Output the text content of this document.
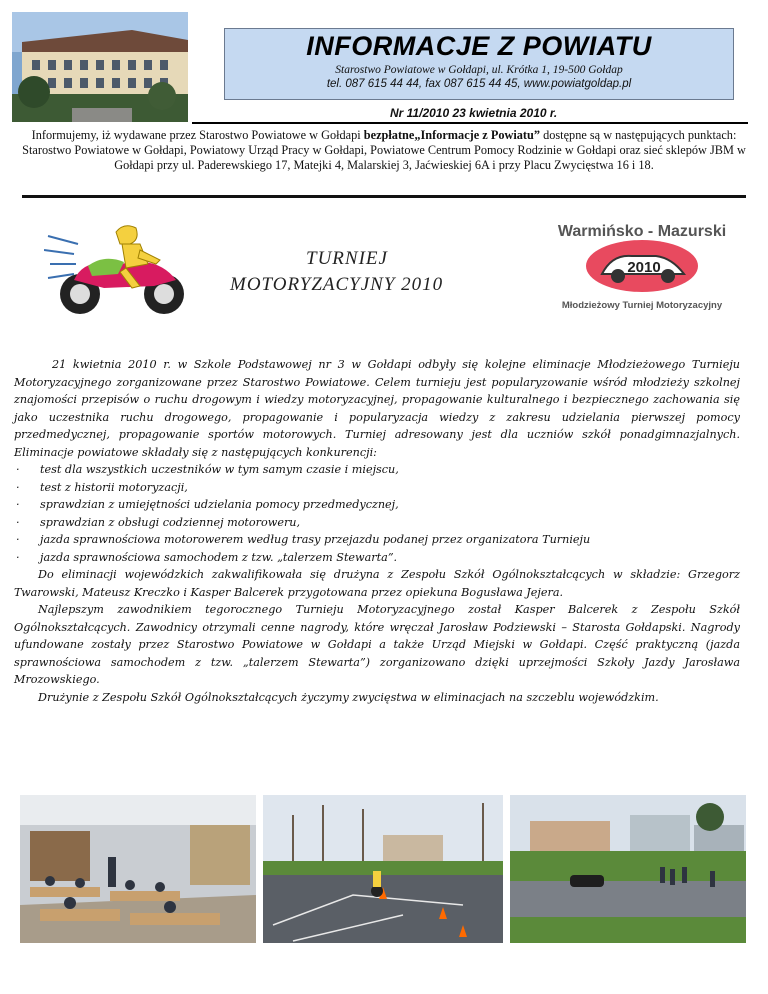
INFORMACJE Z POWIATU
Starostwo Powiatowe w Gołdapi, ul. Krótka 1, 19-500 Gołdap
tel. 087 615 44 44, fax 087 615 44 45, www.powiatgoldap.pl
Nr 11/2010 23 kwietnia 2010 r.
Informujemy, iż wydawane przez Starostwo Powiatowe w Gołdapi bezpłatne„Informacje z Powiatu” dostępne są w następujących punktach: Starostwo Powiatowe w Gołdapi, Powiatowy Urząd Pracy w Gołdapi, Powiatowe Centrum Pomocy Rodzinie w Gołdapi oraz sieć sklepów JBM w Gołdapi przy ul. Paderewskiego 17, Matejki 4, Malarskiej 3, Jaćwieskiej 6A i przy Placu Zwycięstwa 16 i 18.
TURNIEJ
MOTORYZACYJNY 2010
Warmińsko - Mazurski
2010
Młodzieżowy Turniej Motoryzacyjny

21 kwietnia 2010 r. w Szkole Podstawowej nr 3 w Gołdapi odbyły się kolejne eliminacje Młodzieżowego Turnieju Motoryzacyjnego zorganizowane przez Starostwo Powiatowe. Celem turnieju jest popularyzowanie wśród młodzieży szkolnej znajomości przepisów o ruchu drogowym i wiedzy motoryzacyjnej, propagowanie kulturalnego i bezpiecznego zachowania się jako uczestnika ruchu drogowego, propagowanie i popularyzacja wiedzy z zakresu udzielania pierwszej pomocy przedmedycznej, propagowanie sportów motorowych. Turniej adresowany jest dla uczniów szkół ponadgimnazjalnych. Eliminacje powiatowe składały się z następujących konkurencji:

· test dla wszystkich uczestników w tym samym czasie i miejscu,
· test z historii motoryzacji,
· sprawdzian z umiejętności udzielania pomocy przedmedycznej,
· sprawdzian z obsługi codziennej motoroweru,
· jazda sprawnościowa motorowerem według trasy przejazdu podanej przez organizatora Turnieju
· jazda sprawnościowa samochodem z tzw. „talerzem Stewarta”.

Do eliminacji wojewódzkich zakwalifikowała się drużyna z Zespołu Szkół Ogólnokształcących w składzie: Grzegorz Twarowski, Mateusz Kreczko i Kasper Balcerek przygotowana przez opiekuna Bogusława Jejera.

Najlepszym zawodnikiem tegorocznego Turnieju Motoryzacyjnego został Kasper Balcerek z Zespołu Szkół Ogólnokształcących. Zawodnicy otrzymali cenne nagrody, które wręczał Jarosław Podziewski – Starosta Gołdapski. Nagrody ufundowane zostały przez Starostwo Powiatowe w Gołdapi a także Urząd Miejski w Gołdapi. Część praktyczną (jazda sprawnościowa samochodem z tzw. „talerzem Stewarta”) zorganizowano dzięki uprzejmości Szkoły Jazdy Jarosława Mrozowskiego.

Drużynie z Zespołu Szkół Ogólnokształcących życzymy zwycięstwa w eliminacjach na szczeblu wojewódzkim.
